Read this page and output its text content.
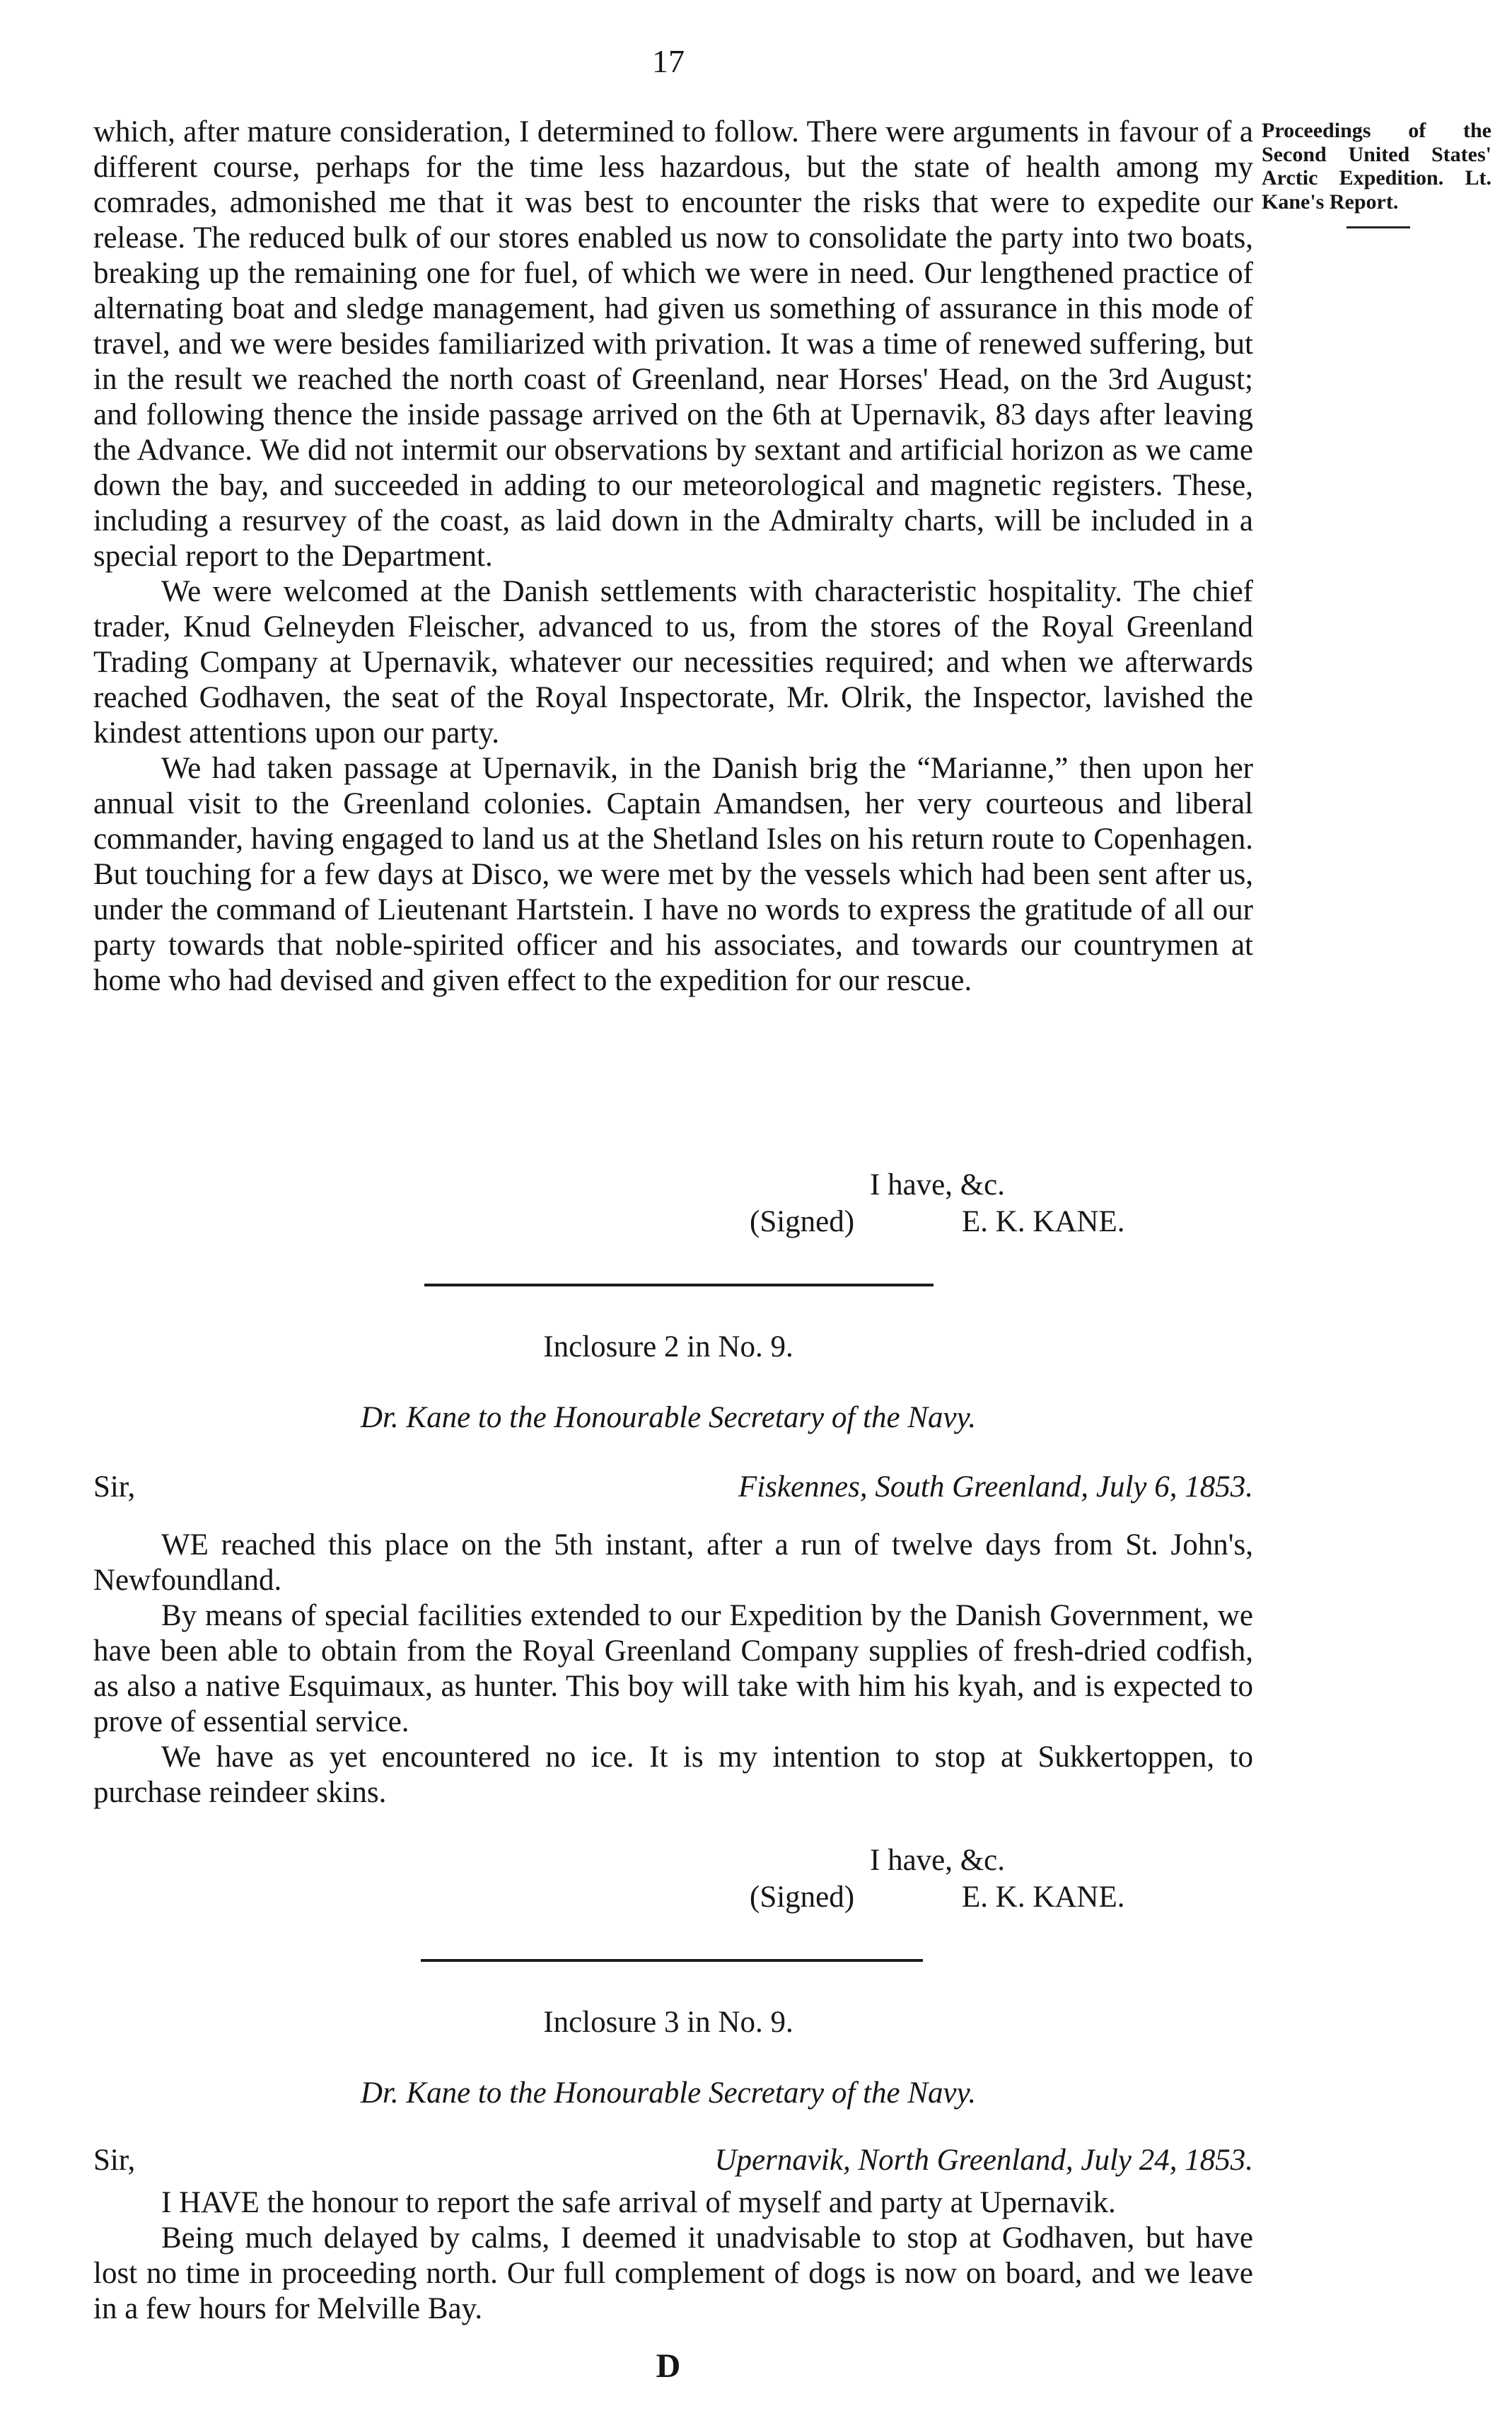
17
Proceedings of the Second United States' Arctic Expedition. Lt. Kane's Report.

which, after mature consideration, I determined to follow. There were arguments in favour of a different course, perhaps for the time less hazardous, but the state of health among my comrades, admonished me that it was best to encounter the risks that were to expedite our release. The reduced bulk of our stores enabled us now to consolidate the party into two boats, breaking up the remaining one for fuel, of which we were in need. Our lengthened practice of alternating boat and sledge management, had given us something of assurance in this mode of travel, and we were besides familiarized with privation. It was a time of renewed suffering, but in the result we reached the north coast of Greenland, near Horses' Head, on the 3rd August; and following thence the inside passage arrived on the 6th at Upernavik, 83 days after leaving the Advance. We did not intermit our observations by sextant and artificial horizon as we came down the bay, and succeeded in adding to our meteorological and magnetic registers. These, including a resurvey of the coast, as laid down in the Admiralty charts, will be included in a special report to the Department.

We were welcomed at the Danish settlements with characteristic hospitality. The chief trader, Knud Gelneyden Fleischer, advanced to us, from the stores of the Royal Greenland Trading Company at Upernavik, whatever our necessities required; and when we afterwards reached Godhaven, the seat of the Royal Inspectorate, Mr. Olrik, the Inspector, lavished the kindest attentions upon our party.

We had taken passage at Upernavik, in the Danish brig the “Marianne,” then upon her annual visit to the Greenland colonies. Captain Amandsen, her very courteous and liberal commander, having engaged to land us at the Shetland Isles on his return route to Copenhagen. But touching for a few days at Disco, we were met by the vessels which had been sent after us, under the command of Lieutenant Hartstein. I have no words to express the gratitude of all our party towards that noble-spirited officer and his associates, and towards our countrymen at home who had devised and given effect to the expedition for our rescue.

I have, &c.
(Signed)	E. K. KANE.
Inclosure 2 in No. 9.
Dr. Kane to the Honourable Secretary of the Navy.
Sir,	Fiskennes, South Greenland, July 6, 1853.

WE reached this place on the 5th instant, after a run of twelve days from St. John's, Newfoundland.

By means of special facilities extended to our Expedition by the Danish Government, we have been able to obtain from the Royal Greenland Company supplies of fresh-dried codfish, as also a native Esquimaux, as hunter. This boy will take with him his kyah, and is expected to prove of essential service.

We have as yet encountered no ice. It is my intention to stop at Sukkertoppen, to purchase reindeer skins.

I have, &c.
(Signed)	E. K. KANE.
Inclosure 3 in No. 9.
Dr. Kane to the Honourable Secretary of the Navy.
Sir,	Upernavik, North Greenland, July 24, 1853.

I HAVE the honour to report the safe arrival of myself and party at Upernavik.

Being much delayed by calms, I deemed it unadvisable to stop at Godhaven, but have lost no time in proceeding north. Our full complement of dogs is now on board, and we leave in a few hours for Melville Bay.

D
